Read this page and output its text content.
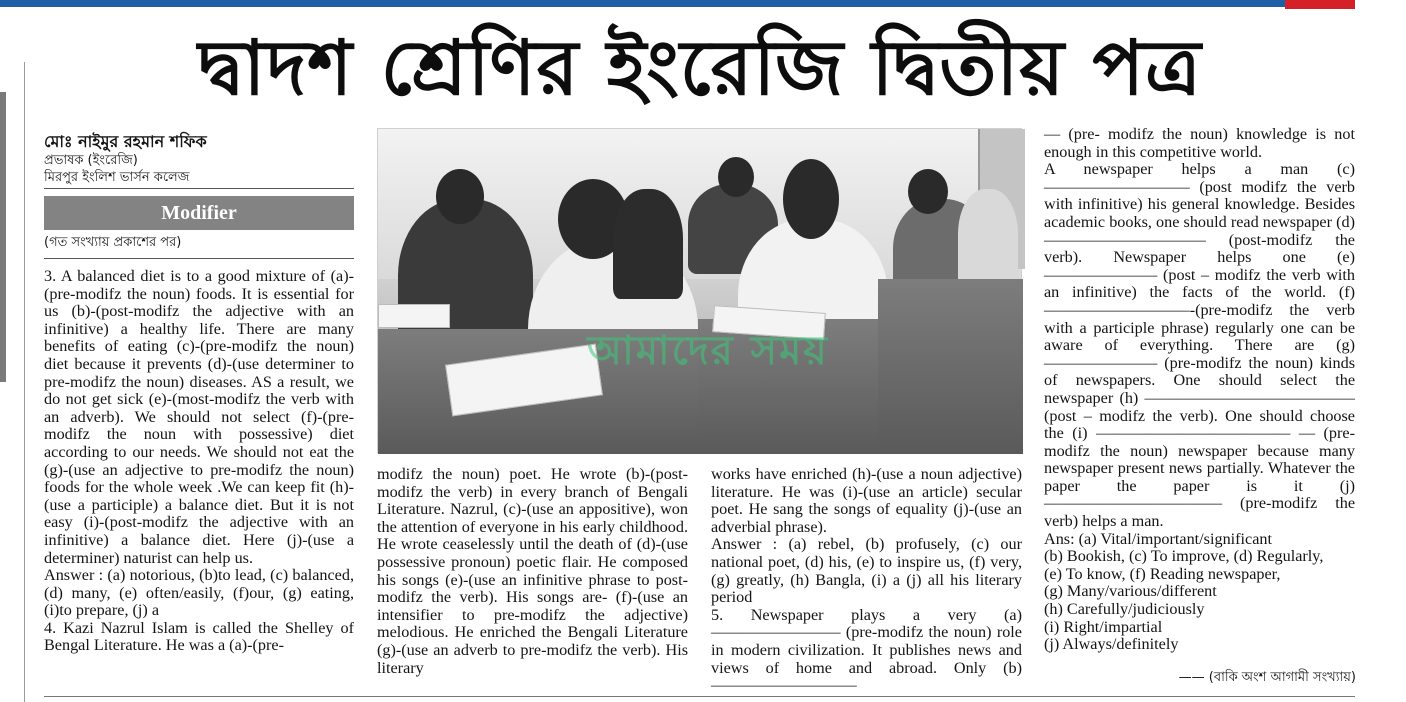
দ্বাদশ শ্রেণির ইংরেজি দ্বিতীয় পত্র
মোঃ নাইমুর রহমান শফিক
প্রভাষক (ইংরেজি)
মিরপুর ইংলিশ ভার্সন কলেজ
Modifier
(গত সংখ্যায় প্রকাশের পর)

3. A balanced diet is to a good mixture of (a)-(pre-modifz the noun) foods. It is essential for us (b)-(post-modifz the adjective with an infinitive) a healthy life. There are many benefits of eating (c)-(pre-modifz the noun) diet because it prevents (d)-(use determiner to pre-modifz the noun) diseases. AS a result, we do not get sick (e)-(most-modifz the verb with an adverb). We should not select (f)-(pre-modifz the noun with possessive) diet according to our needs. We should not eat the (g)-(use an adjective to pre-modifz the noun) foods for the whole week .We can keep fit (h)-(use a participle) a balance diet. But it is not easy (i)-(post-modifz the adjective with an infinitive) a balance diet. Here (j)-(use a determiner) naturist can help us.

Answer : (a) notorious, (b)to lead, (c) balanced, (d) many, (e) often/easily, (f)our, (g) eating, (i)to prepare, (j) a

4. Kazi Nazrul Islam is called the Shelley of Bengal Literature. He was a (a)-(pre-

আমাদের সময়

modifz the noun) poet. He wrote (b)-(post-modifz the verb) in every branch of Bengali Literature. Nazrul, (c)-(use an appositive), won the attention of everyone in his early childhood. He wrote ceaselessly until the death of (d)-(use possessive pronoun) poetic flair. He composed his songs (e)-(use an infinitive phrase to post-modifz the verb). His songs are- (f)-(use an intensifier to pre-modifz the adjective) melodious. He enriched the Bengali Literature (g)-(use an adverb to pre-modifz the verb). His literary

works have enriched (h)-(use a noun adjective) literature. He was (i)-(use an article) secular poet. He sang the songs of equality (j)-(use an adverbial phrase).

Answer : (a) rebel, (b) profusely, (c) our national poet, (d) his, (e) to inspire us, (f) very, (g) greatly, (h) Bangla, (i) a (j) all his literary period

5. Newspaper plays a very (a) ———————— (pre-modifz the noun) role in modern civilization. It publishes news and views of home and abroad. Only (b) —————————

— (pre- modifz the noun) knowledge is not enough in this competitive world.

A newspaper helps a man (c) ————————— (post modifz the verb with infinitive) his general knowledge. Besides academic books, one should read newspaper (d) —————————— (post-modifz the verb). Newspaper helps one (e) ——————— (post – modifz the verb with an infinitive) the facts of the world. (f)—————————-(pre-modifz the verb with a participle phrase) regularly one can be aware of everything. There are (g) ——————— (pre-modifz the noun) kinds of newspapers. One should select the newspaper (h) ————————————— (post – modifz the verb). One should choose the (i) ———————————— — (pre-modifz the noun) newspaper because many newspaper present news partially. Whatever the paper the paper is it (j) ——————————— (pre-modifz the verb) helps a man.

Ans: (a) Vital/important/significant

(b) Bookish, (c) To improve, (d) Regularly,

(e) To know, (f) Reading newspaper,

(g) Many/various/different

(h) Carefully/judiciously

(i) Right/impartial

(j) Always/definitely

—— (বাকি অংশ আগামী সংখ্যায়)
